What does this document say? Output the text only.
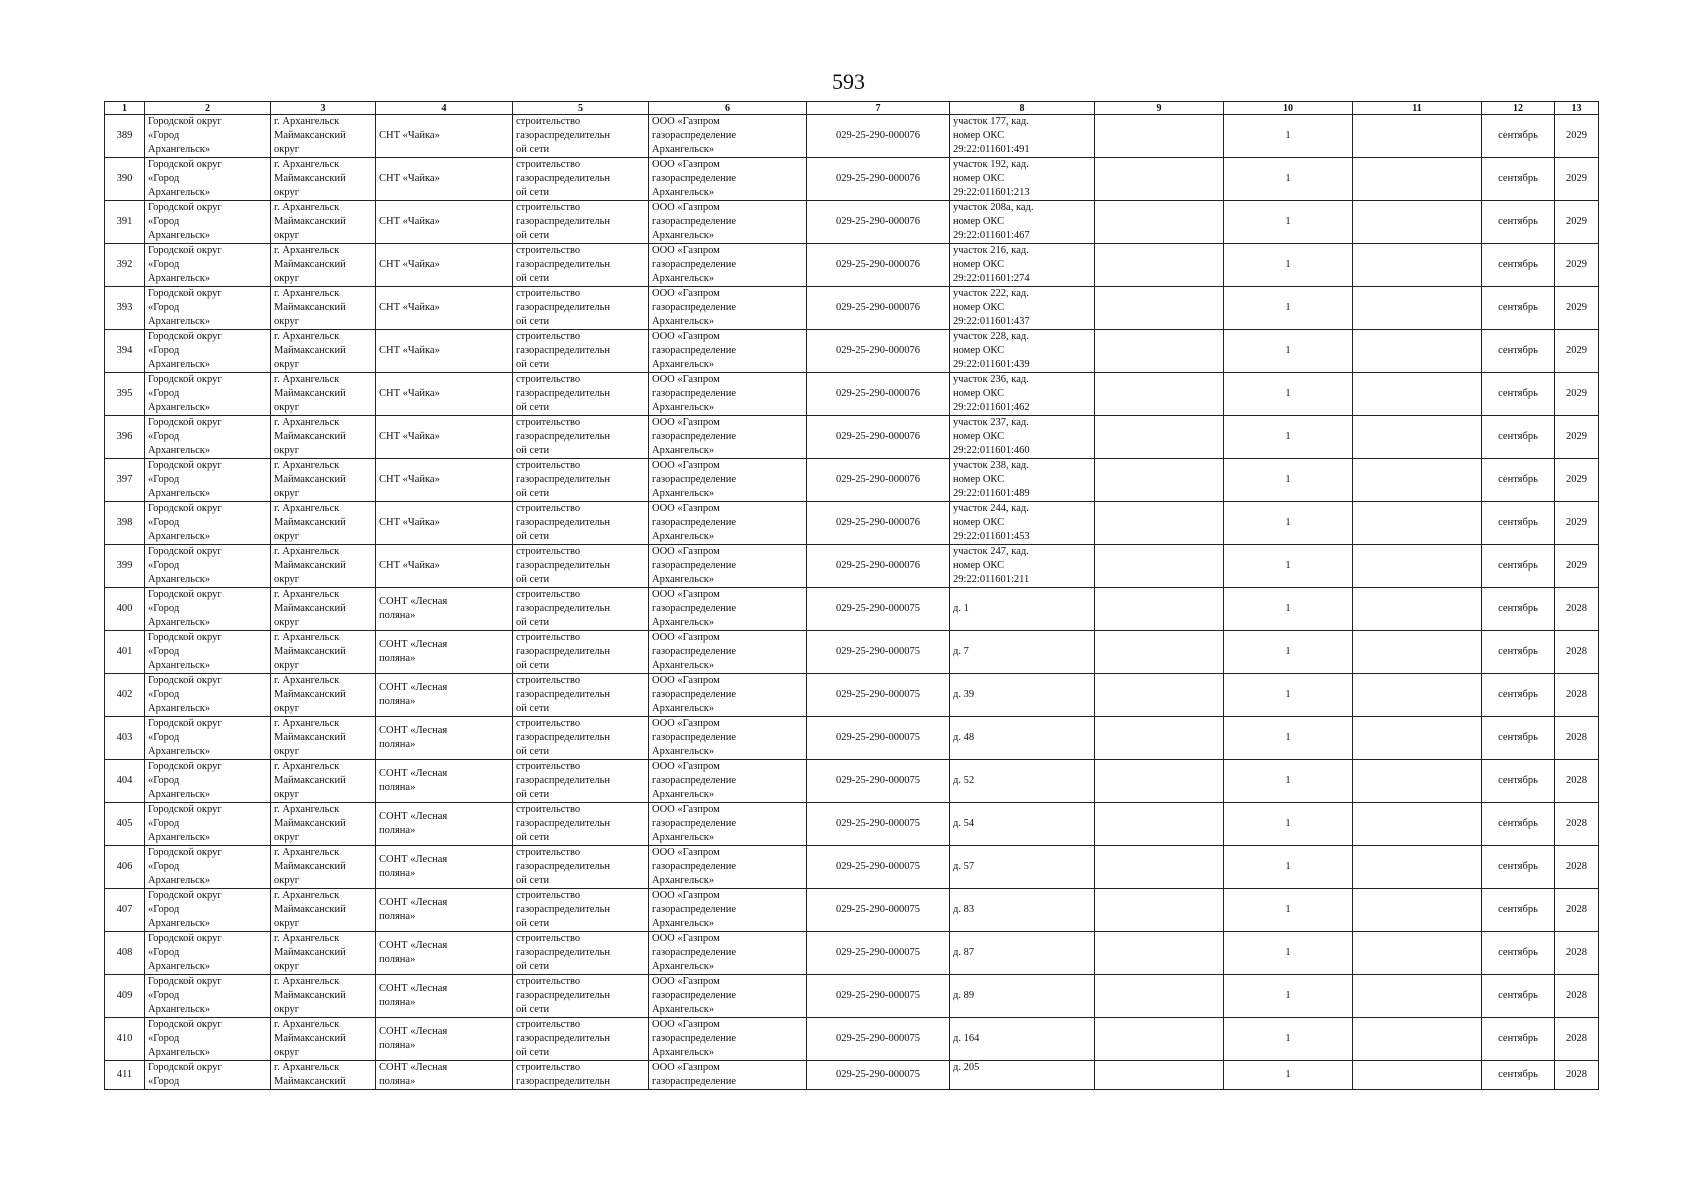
593
1	2	3	4	5	6	7	8	9	10	11	12	13
389	Городской округ
«Город
Архангельск»	г. Архангельск
Маймаксанский
округ	СНТ «Чайка»	строительство
газораспределительн
ой сети	ООО «Газпром
газораспределение
Архангельск»	029-25-290-000076	участок 177, кад.
номер ОКС
29:22:011601:491		1		сентябрь	2029
390	Городской округ
«Город
Архангельск»	г. Архангельск
Маймаксанский
округ	СНТ «Чайка»	строительство
газораспределительн
ой сети	ООО «Газпром
газораспределение
Архангельск»	029-25-290-000076	участок 192, кад.
номер ОКС
29:22:011601:213		1		сентябрь	2029
391	Городской округ
«Город
Архангельск»	г. Архангельск
Маймаксанский
округ	СНТ «Чайка»	строительство
газораспределительн
ой сети	ООО «Газпром
газораспределение
Архангельск»	029-25-290-000076	участок 208а, кад.
номер ОКС
29:22:011601:467		1		сентябрь	2029
392	Городской округ
«Город
Архангельск»	г. Архангельск
Маймаксанский
округ	СНТ «Чайка»	строительство
газораспределительн
ой сети	ООО «Газпром
газораспределение
Архангельск»	029-25-290-000076	участок 216, кад.
номер ОКС
29:22:011601:274		1		сентябрь	2029
393	Городской округ
«Город
Архангельск»	г. Архангельск
Маймаксанский
округ	СНТ «Чайка»	строительство
газораспределительн
ой сети	ООО «Газпром
газораспределение
Архангельск»	029-25-290-000076	участок 222, кад.
номер ОКС
29:22:011601:437		1		сентябрь	2029
394	Городской округ
«Город
Архангельск»	г. Архангельск
Маймаксанский
округ	СНТ «Чайка»	строительство
газораспределительн
ой сети	ООО «Газпром
газораспределение
Архангельск»	029-25-290-000076	участок 228, кад.
номер ОКС
29:22:011601:439		1		сентябрь	2029
395	Городской округ
«Город
Архангельск»	г. Архангельск
Маймаксанский
округ	СНТ «Чайка»	строительство
газораспределительн
ой сети	ООО «Газпром
газораспределение
Архангельск»	029-25-290-000076	участок 236, кад.
номер ОКС
29:22:011601:462		1		сентябрь	2029
396	Городской округ
«Город
Архангельск»	г. Архангельск
Маймаксанский
округ	СНТ «Чайка»	строительство
газораспределительн
ой сети	ООО «Газпром
газораспределение
Архангельск»	029-25-290-000076	участок 237, кад.
номер ОКС
29:22:011601:460		1		сентябрь	2029
397	Городской округ
«Город
Архангельск»	г. Архангельск
Маймаксанский
округ	СНТ «Чайка»	строительство
газораспределительн
ой сети	ООО «Газпром
газораспределение
Архангельск»	029-25-290-000076	участок 238, кад.
номер ОКС
29:22:011601:489		1		сентябрь	2029
398	Городской округ
«Город
Архангельск»	г. Архангельск
Маймаксанский
округ	СНТ «Чайка»	строительство
газораспределительн
ой сети	ООО «Газпром
газораспределение
Архангельск»	029-25-290-000076	участок 244, кад.
номер ОКС
29:22:011601:453		1		сентябрь	2029
399	Городской округ
«Город
Архангельск»	г. Архангельск
Маймаксанский
округ	СНТ «Чайка»	строительство
газораспределительн
ой сети	ООО «Газпром
газораспределение
Архангельск»	029-25-290-000076	участок 247, кад.
номер ОКС
29:22:011601:211		1		сентябрь	2029
400	Городской округ
«Город
Архангельск»	г. Архангельск
Маймаксанский
округ	СОНТ «Лесная
поляна»	строительство
газораспределительн
ой сети	ООО «Газпром
газораспределение
Архангельск»	029-25-290-000075	д. 1		1		сентябрь	2028
401	Городской округ
«Город
Архангельск»	г. Архангельск
Маймаксанский
округ	СОНТ «Лесная
поляна»	строительство
газораспределительн
ой сети	ООО «Газпром
газораспределение
Архангельск»	029-25-290-000075	д. 7		1		сентябрь	2028
402	Городской округ
«Город
Архангельск»	г. Архангельск
Маймаксанский
округ	СОНТ «Лесная
поляна»	строительство
газораспределительн
ой сети	ООО «Газпром
газораспределение
Архангельск»	029-25-290-000075	д. 39		1		сентябрь	2028
403	Городской округ
«Город
Архангельск»	г. Архангельск
Маймаксанский
округ	СОНТ «Лесная
поляна»	строительство
газораспределительн
ой сети	ООО «Газпром
газораспределение
Архангельск»	029-25-290-000075	д. 48		1		сентябрь	2028
404	Городской округ
«Город
Архангельск»	г. Архангельск
Маймаксанский
округ	СОНТ «Лесная
поляна»	строительство
газораспределительн
ой сети	ООО «Газпром
газораспределение
Архангельск»	029-25-290-000075	д. 52		1		сентябрь	2028
405	Городской округ
«Город
Архангельск»	г. Архангельск
Маймаксанский
округ	СОНТ «Лесная
поляна»	строительство
газораспределительн
ой сети	ООО «Газпром
газораспределение
Архангельск»	029-25-290-000075	д. 54		1		сентябрь	2028
406	Городской округ
«Город
Архангельск»	г. Архангельск
Маймаксанский
округ	СОНТ «Лесная
поляна»	строительство
газораспределительн
ой сети	ООО «Газпром
газораспределение
Архангельск»	029-25-290-000075	д. 57		1		сентябрь	2028
407	Городской округ
«Город
Архангельск»	г. Архангельск
Маймаксанский
округ	СОНТ «Лесная
поляна»	строительство
газораспределительн
ой сети	ООО «Газпром
газораспределение
Архангельск»	029-25-290-000075	д. 83		1		сентябрь	2028
408	Городской округ
«Город
Архангельск»	г. Архангельск
Маймаксанский
округ	СОНТ «Лесная
поляна»	строительство
газораспределительн
ой сети	ООО «Газпром
газораспределение
Архангельск»	029-25-290-000075	д. 87		1		сентябрь	2028
409	Городской округ
«Город
Архангельск»	г. Архангельск
Маймаксанский
округ	СОНТ «Лесная
поляна»	строительство
газораспределительн
ой сети	ООО «Газпром
газораспределение
Архангельск»	029-25-290-000075	д. 89		1		сентябрь	2028
410	Городской округ
«Город
Архангельск»	г. Архангельск
Маймаксанский
округ	СОНТ «Лесная
поляна»	строительство
газораспределительн
ой сети	ООО «Газпром
газораспределение
Архангельск»	029-25-290-000075	д. 164		1		сентябрь	2028
411	Городской округ
«Город	г. Архангельск
Маймаксанский	СОНТ «Лесная
поляна»	строительство
газораспределительн	ООО «Газпром
газораспределение	029-25-290-000075	д. 205		1		сентябрь	2028
